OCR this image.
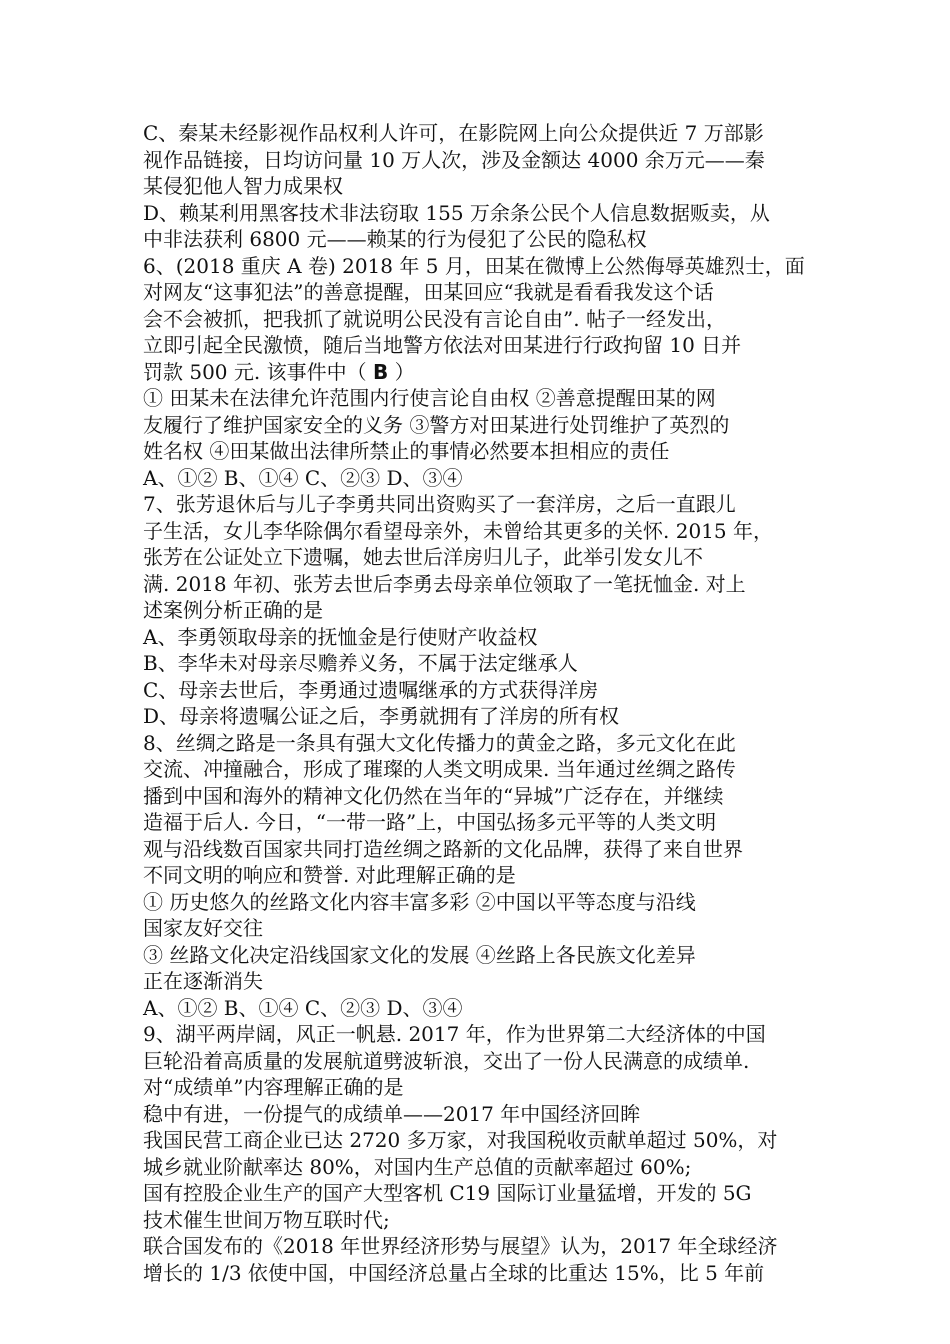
C、秦某未经影视作品权利人许可，在影院网上向公众提供近 7 万部影
视作品链接，日均访问量 10 万人次，涉及金额达 4000 余万元——秦
某侵犯他人智力成果权
D、赖某利用黑客技术非法窃取 155 万余条公民个人信息数据贩卖，从
中非法获利 6800 元——赖某的行为侵犯了公民的隐私权
6、(2018 重庆 A 卷) 2018 年 5 月，田某在微博上公然侮辱英雄烈士，面
对网友“这事犯法”的善意提醒，田某回应“我就是看看我发这个话
会不会被抓，把我抓了就说明公民没有言论自由”. 帖子一经发出，
立即引起全民激愤，随后当地警方依法对田某进行行政拘留 10 日并
罚款 500 元. 该事件中（ B ）
① 田某未在法律允许范围内行使言论自由权 ②善意提醒田某的网
友履行了维护国家安全的义务 ③警方对田某进行处罚维护了英烈的
姓名权 ④田某做出法律所禁止的事情必然要本担相应的责任
A、①② B、①④ C、②③ D、③④
7、张芳退休后与儿子李勇共同出资购买了一套洋房，之后一直跟儿
子生活，女儿李华除偶尔看望母亲外，未曾给其更多的关怀. 2015 年，
张芳在公证处立下遗嘱，她去世后洋房归儿子，此举引发女儿不
满. 2018 年初、张芳去世后李勇去母亲单位领取了一笔抚恤金. 对上
述案例分析正确的是
A、李勇领取母亲的抚恤金是行使财产收益权
B、李华未对母亲尽赡养义务，不属于法定继承人
C、母亲去世后，李勇通过遗嘱继承的方式获得洋房
D、母亲将遗嘱公证之后，李勇就拥有了洋房的所有权
8、丝绸之路是一条具有强大文化传播力的黄金之路，多元文化在此
交流、冲撞融合，形成了璀璨的人类文明成果. 当年通过丝绸之路传
播到中国和海外的精神文化仍然在当年的“异城”广泛存在，并继续
造福于后人. 今日，“一带一路”上，中国弘扬多元平等的人类文明
观与沿线数百国家共同打造丝绸之路新的文化品牌，获得了来自世界
不同文明的响应和赞誉. 对此理解正确的是
① 历史悠久的丝路文化内容丰富多彩 ②中国以平等态度与沿线
国家友好交往
③ 丝路文化决定沿线国家文化的发展 ④丝路上各民族文化差异
正在逐渐消失
A、①② B、①④ C、②③ D、③④
9、湖平两岸阔，风正一帆悬. 2017 年，作为世界第二大经济体的中国
巨轮沿着高质量的发展航道劈波斩浪，交出了一份人民满意的成绩单.
对“成绩单”内容理解正确的是
稳中有进，一份提气的成绩单——2017 年中国经济回眸
我国民营工商企业已达 2720 多万家，对我国税收贡献单超过 50%，对
城乡就业阶献率达 80%，对国内生产总值的贡献率超过 60%;
国有控股企业生产的国产大型客机 C19 国际订业量猛增，开发的 5G
技术催生世间万物互联时代;
联合国发布的《2018 年世界经济形势与展望》认为，2017 年全球经济
增长的 1/3 依使中国，中国经济总量占全球的比重达 15%，比 5 年前
